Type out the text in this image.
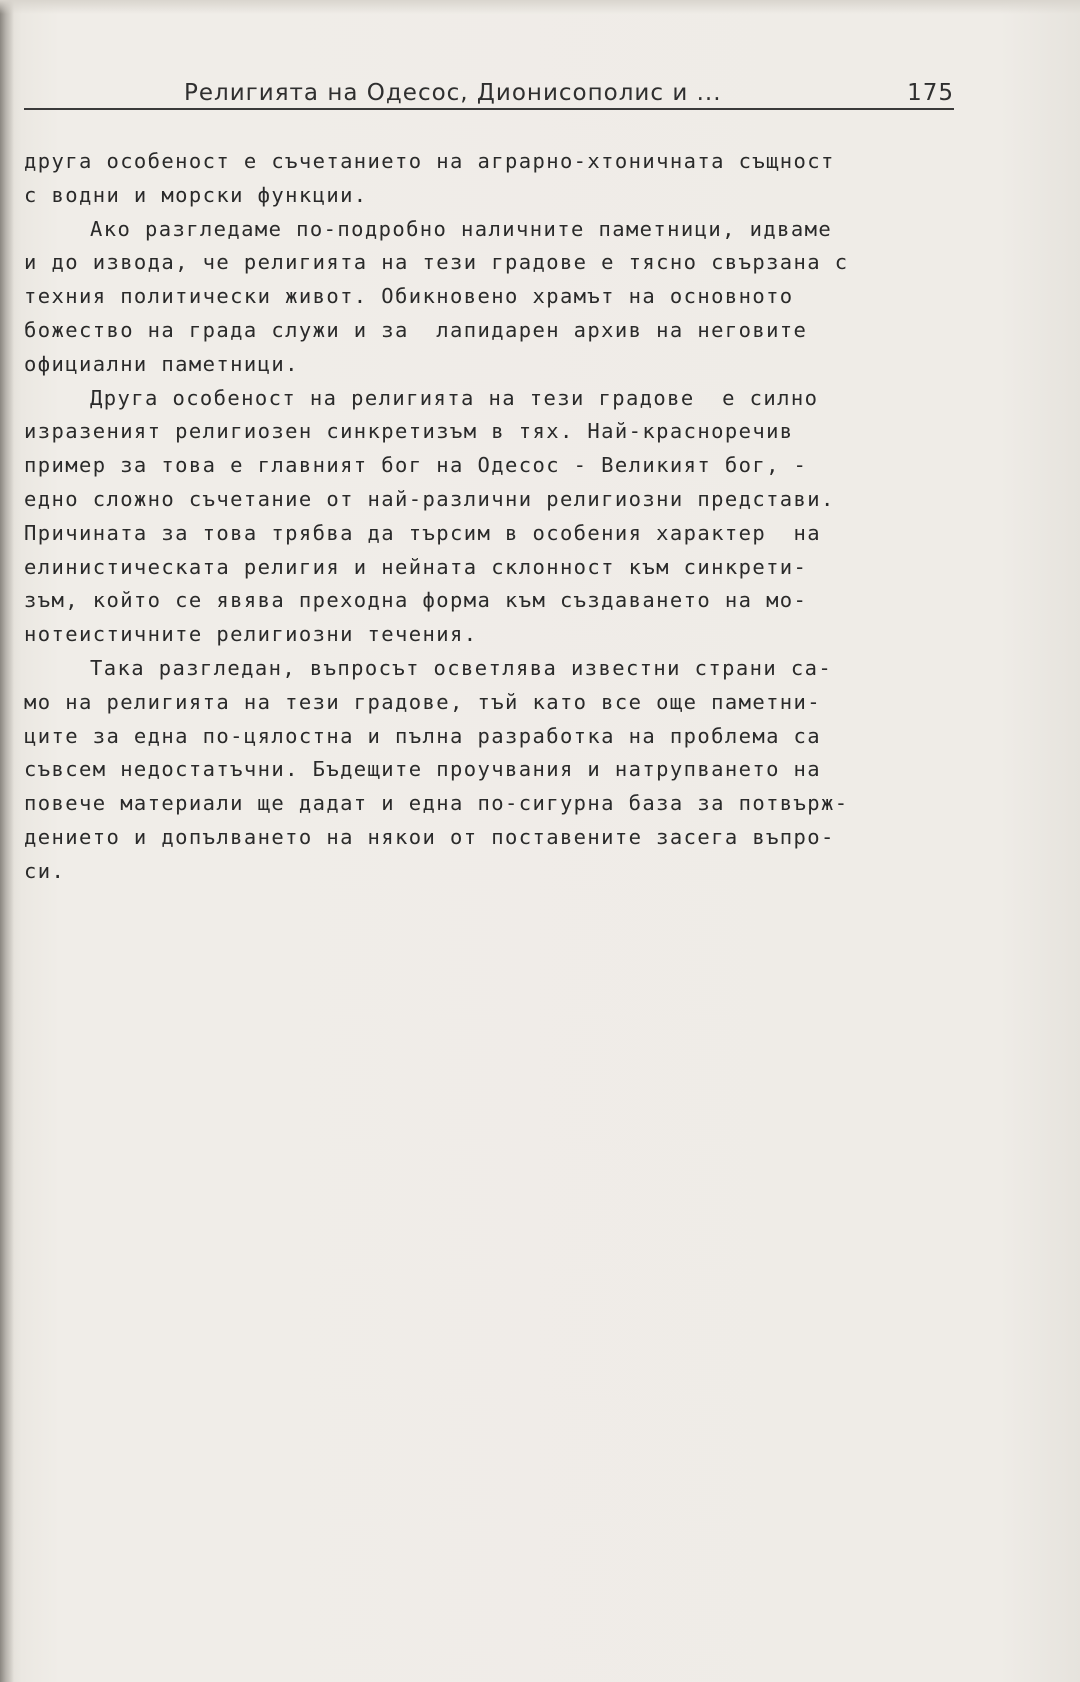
Религията на Одесос, Дионисополис и ...	175
друга особеност е съчетанието на аграрно-хтоничната същност
с водни и морски функции.
Ако разгледаме по-подробно наличните паметници, идваме
и до извода, че религията на тези градове е тясно свързана с
техния политически живот. Обикновено храмът на основното
божество на града служи и за  лапидарен архив на неговите
официални паметници.
Друга особеност на религията на тези градове  е силно
изразеният религиозен синкретизъм в тях. Най-красноречив
пример за това е главният бог на Одесос - Великият бог, -
едно сложно съчетание от най-различни религиозни предстaви.
Причината за това трябва да търсим в особения характер  на
елинистическата религия и нейната склонност към синкрети-
зъм, който се явява преходна форма към създаването на мо-
нотеистичните религиозни течения.
Така разгледан, въпросът осветлява известни страни са-
мо на религията на тези градове, тъй като все още паметни-
ците за една по-цялостна и пълна разработка на проблема са
съвсем недостатъчни. Бъдещите проучвания и натрупването на
повече материали ще дадат и една по-сигурна база за потвърж-
дението и допълването на някои от поставените засега въпро-
си.
